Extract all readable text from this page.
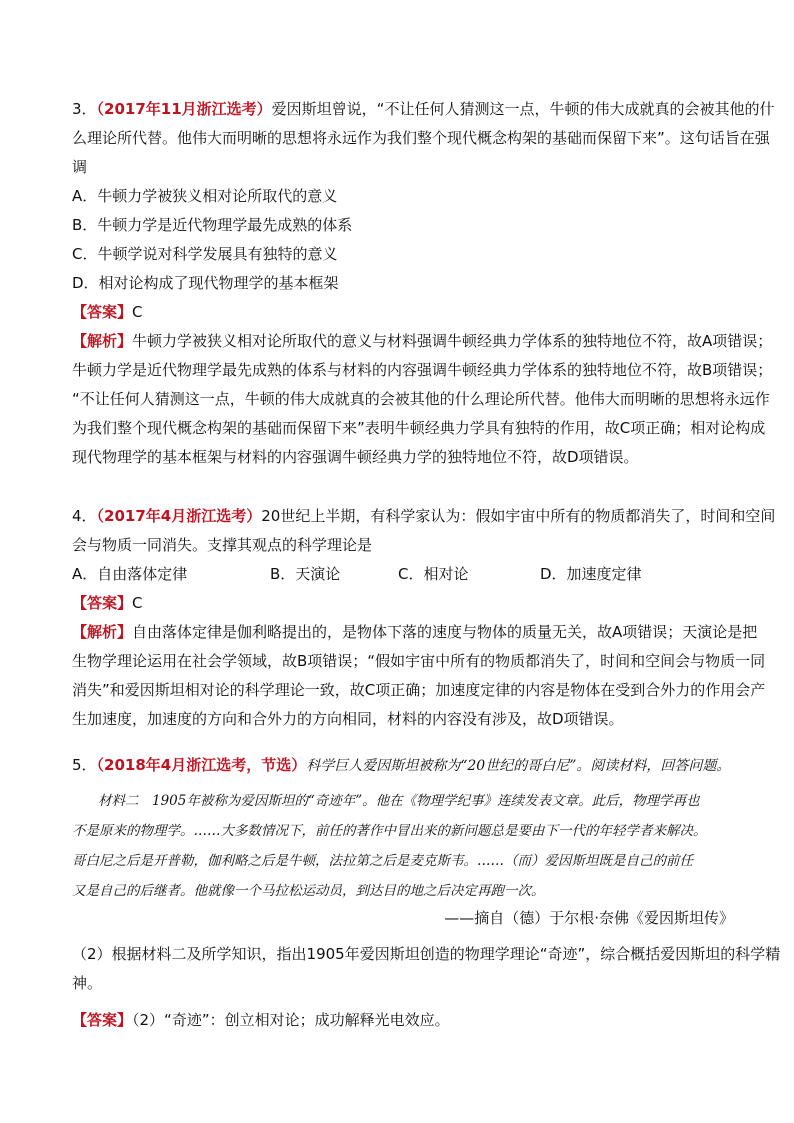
3．（2017年11月浙江选考）爱因斯坦曾说，“不让任何人猜测这一点，牛顿的伟大成就真的会被其他的什
么理论所代替。他伟大而明晰的思想将永远作为我们整个现代概念构架的基础而保留下来”。这句话旨在强
调
A．牛顿力学被狭义相对论所取代的意义
B．牛顿力学是近代物理学最先成熟的体系
C．牛顿学说对科学发展具有独特的意义
D．相对论构成了现代物理学的基本框架
【答案】C
【解析】牛顿力学被狭义相对论所取代的意义与材料强调牛顿经典力学体系的独特地位不符，故A项错误；
牛顿力学是近代物理学最先成熟的体系与材料的内容强调牛顿经典力学体系的独特地位不符，故B项错误；
“不让任何人猜测这一点，牛顿的伟大成就真的会被其他的什么理论所代替。他伟大而明晰的思想将永远作
为我们整个现代概念构架的基础而保留下来”表明牛顿经典力学具有独特的作用，故C项正确；相对论构成
现代物理学的基本框架与材料的内容强调牛顿经典力学的独特地位不符，故D项错误。
4．（2017年4月浙江选考）20世纪上半期，有科学家认为：假如宇宙中所有的物质都消失了，时间和空间
会与物质一同消失。支撑其观点的科学理论是
A．自由落体定律	B．天演论	C．相对论	D．加速度定律
【答案】C
【解析】自由落体定律是伽利略提出的，是物体下落的速度与物体的质量无关，故A项错误；天演论是把
生物学理论运用在社会学领域，故B项错误；“假如宇宙中所有的物质都消失了，时间和空间会与物质一同
消失”和爱因斯坦相对论的科学理论一致，故C项正确；加速度定律的内容是物体在受到合外力的作用会产
生加速度，加速度的方向和合外力的方向相同，材料的内容没有涉及，故D项错误。
5．（2018年4月浙江选考，节选）科学巨人爱因斯坦被称为“20世纪的哥白尼”。阅读材料，回答问题。
材料二　1905年被称为爱因斯坦的“奇迹年”。他在《物理学纪事》连续发表文章。此后，物理学再也
不是原来的物理学。……大多数情况下，前任的著作中冒出来的新问题总是要由下一代的年轻学者来解决。
哥白尼之后是开普勒，伽利略之后是牛顿，法拉第之后是麦克斯韦。……（而）爱因斯坦既是自己的前任
又是自己的后继者。他就像一个马拉松运动员，到达目的地之后决定再跑一次。
——摘自（德）于尔根·奈佛《爱因斯坦传》
（2）根据材料二及所学知识，指出1905年爱因斯坦创造的物理学理论“奇迹”，综合概括爱因斯坦的科学精
神。
【答案】（2）“奇迹”：创立相对论；成功解释光电效应。
